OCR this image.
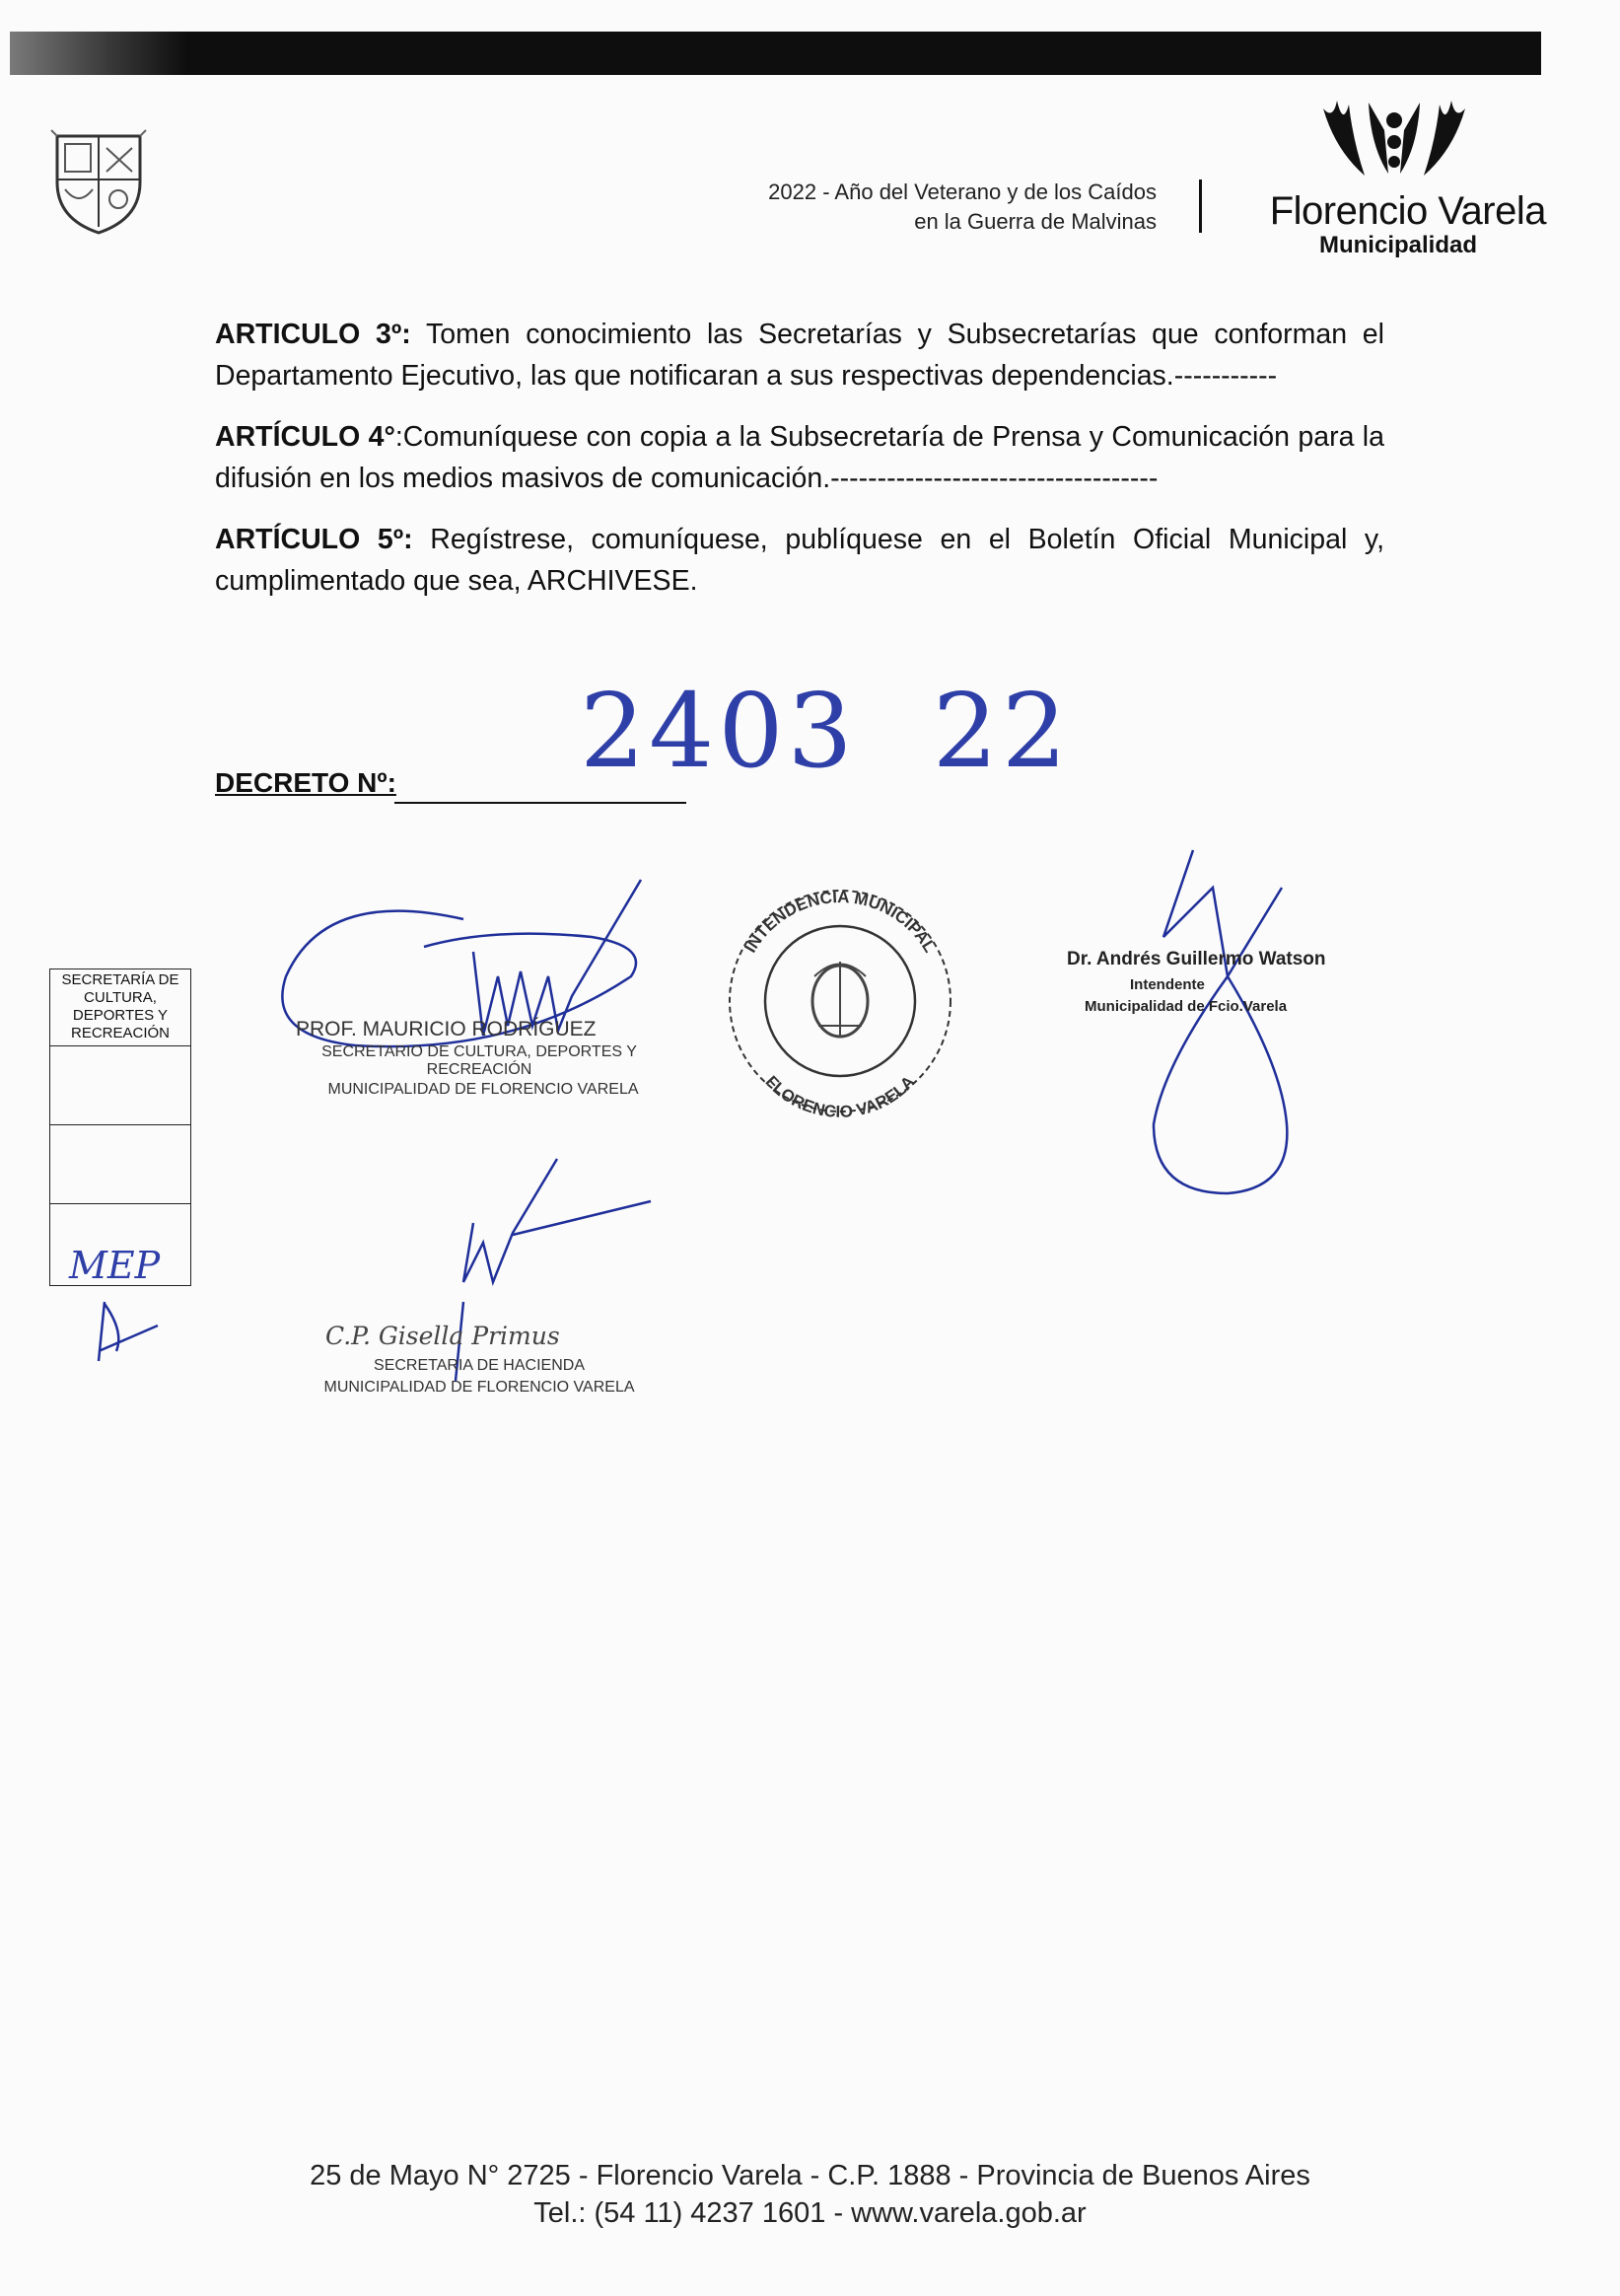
2022 - Año del Veterano y de los Caídos
en la Guerra de Malvinas	Florencio Varela
Municipalidad
ARTICULO 3º: Tomen conocimiento las Secretarías y Subsecretarías que conforman el Departamento Ejecutivo, las que notificaran a sus respectivas dependencias.-----------
ARTÍCULO 4°:Comuníquese con copia a la Subsecretaría de Prensa y Comunicación para la difusión en los medios masivos de comunicación.-----------------------------------
ARTÍCULO 5º: Regístrese, comuníquese, publíquese en el Boletín Oficial Municipal y, cumplimentado que sea, ARCHIVESE.
2403 22
DECRETO Nº:
SECRETARÍA DE CULTURA, DEPORTES Y RECREACIÓN
MEP
INTENDENCIA MUNICIPAL
FLORENCIO VARELA
PROF. MAURICIO RODRÍGUEZ
SECRETARIO DE CULTURA, DEPORTES Y RECREACIÓN
MUNICIPALIDAD DE FLORENCIO VARELA
C.P. Gisella Primus
SECRETARIA DE HACIENDA
MUNICIPALIDAD DE FLORENCIO VARELA
Dr. Andrés Guillermo Watson
Intendente
Municipalidad de Fcio.Varela
25 de Mayo N° 2725 - Florencio Varela - C.P. 1888 - Provincia de Buenos Aires
Tel.: (54 11) 4237 1601 - www.varela.gob.ar
